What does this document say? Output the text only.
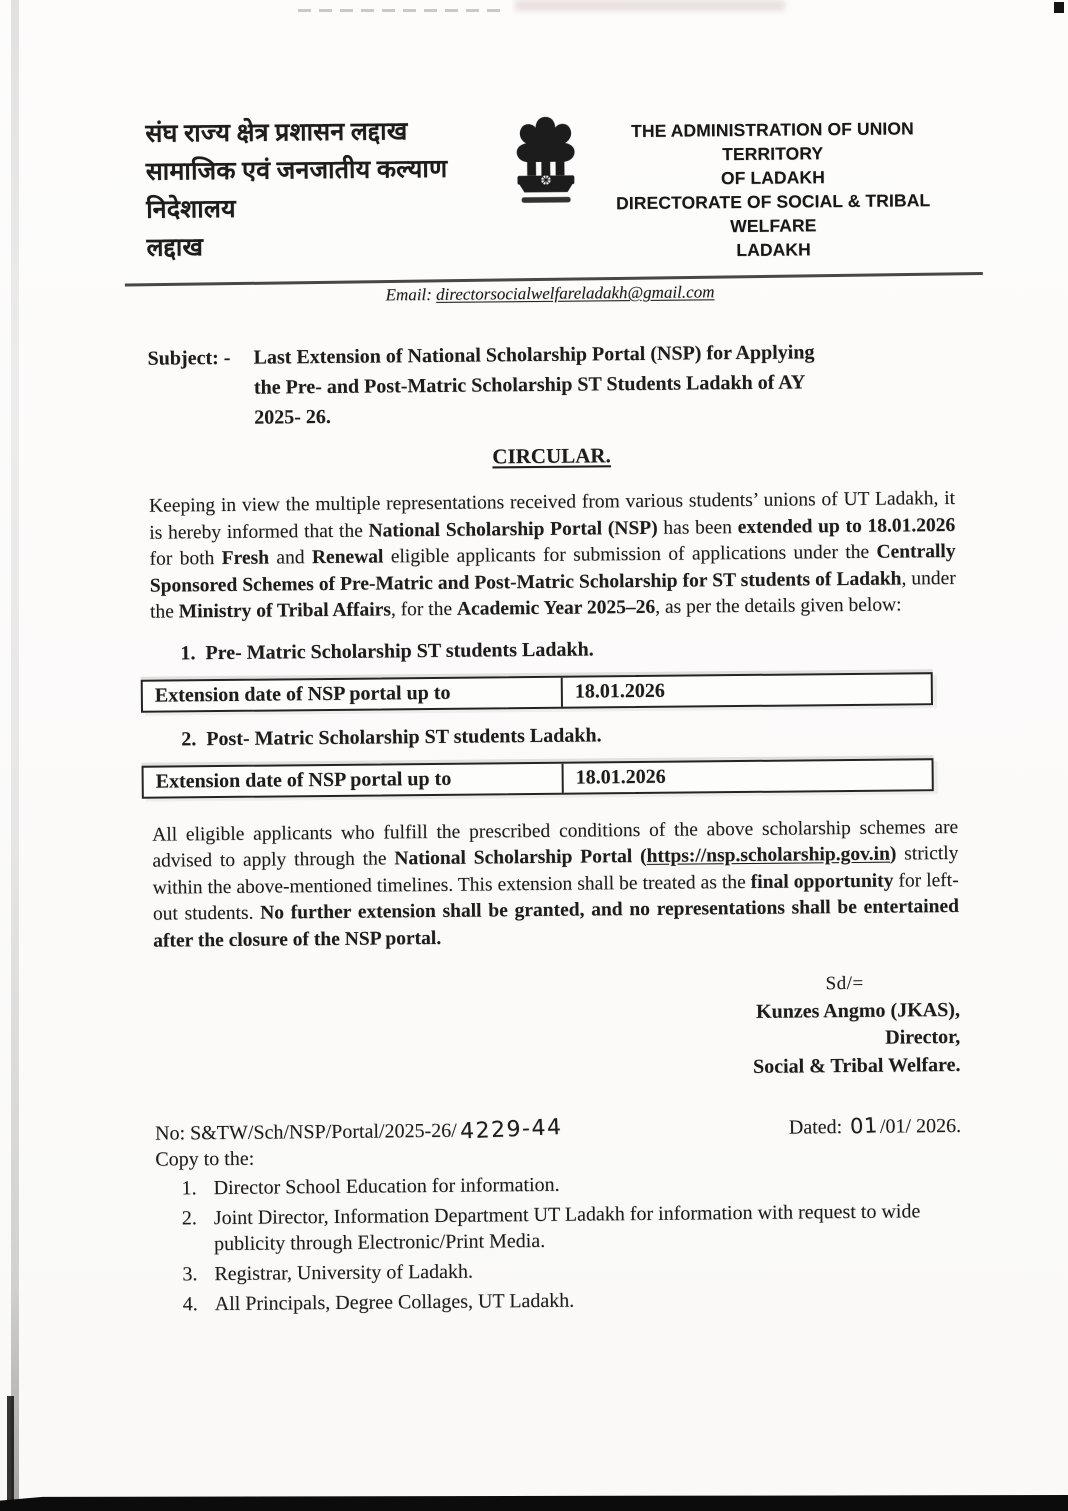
संघ राज्य क्षेत्र प्रशासन लद्दाख
सामाजिक एवं जनजातीय कल्याण निदेशालय
लद्दाख
THE ADMINISTRATION OF UNION TERRITORY
OF LADAKH
DIRECTORATE OF SOCIAL & TRIBAL WELFARE
LADAKH
Email: directorsocialwelfareladakh@gmail.com
Subject: -	Last Extension of National Scholarship Portal (NSP) for Applying
the Pre- and Post-Matric Scholarship ST Students Ladakh of AY
2025- 26.
CIRCULAR.

Keeping in view the multiple representations received from various students’ unions of UT Ladakh, it is hereby informed that the National Scholarship Portal (NSP) has been extended up to 18.01.2026 for both Fresh and Renewal eligible applicants for submission of applications under the Centrally Sponsored Schemes of Pre-Matric and Post-Matric Scholarship for ST students of Ladakh, under the Ministry of Tribal Affairs, for the Academic Year 2025–26, as per the details given below:

1. Pre- Matric Scholarship ST students Ladakh.
Extension date of NSP portal up to	18.01.2026
2. Post- Matric Scholarship ST students Ladakh.
Extension date of NSP portal up to	18.01.2026

All eligible applicants who fulfill the prescribed conditions of the above scholarship schemes are advised to apply through the National Scholarship Portal (https://nsp.scholarship.gov.in) strictly within the above-mentioned timelines. This extension shall be treated as the final opportunity for left-out students. No further extension shall be granted, and no representations shall be entertained after the closure of the NSP portal.

Sd/=
Kunzes Angmo (JKAS),
Director,
Social & Tribal Welfare.
No: S&TW/Sch/NSP/Portal/2025-26/ 4229-44	Dated: 01/01/ 2026.
Copy to the:
1. Director School Education for information.
2. Joint Director, Information Department UT Ladakh for information with request to wide publicity through Electronic/Print Media.
3. Registrar, University of Ladakh.
4. All Principals, Degree Collages, UT Ladakh.
